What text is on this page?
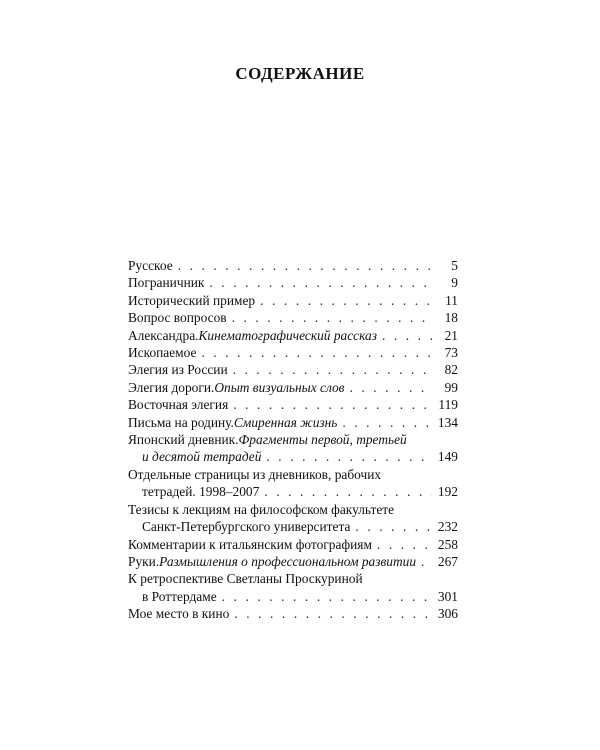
СОДЕРЖАНИЕ
Русское . . .	5
Пограничник . . .	9
Исторический пример . . .	11
Вопрос вопросов . . .	18
Александра. Кинематографический рассказ . . .	21
Ископаемое . . .	73
Элегия из России . . .	82
Элегия дороги. Опыт визуальных слов . . .	99
Восточная элегия . . .	119
Письма на родину. Смиренная жизнь . . .	134
Японский дневник. Фрагменты первой, третьей
и десятой тетрадей . . .	149
Отдельные страницы из дневников, рабочих
тетрадей. 1998–2007 . . .	192
Тезисы к лекциям на философском факультете
Санкт-Петербургского университета . . .	232
Комментарии к итальянским фотографиям . . .	258
Руки. Размышления о профессиональном развитии . . . 267
К ретроспективе Светланы Проскуриной
в Роттердаме . . .	301
Мое место в кино . . .	306
